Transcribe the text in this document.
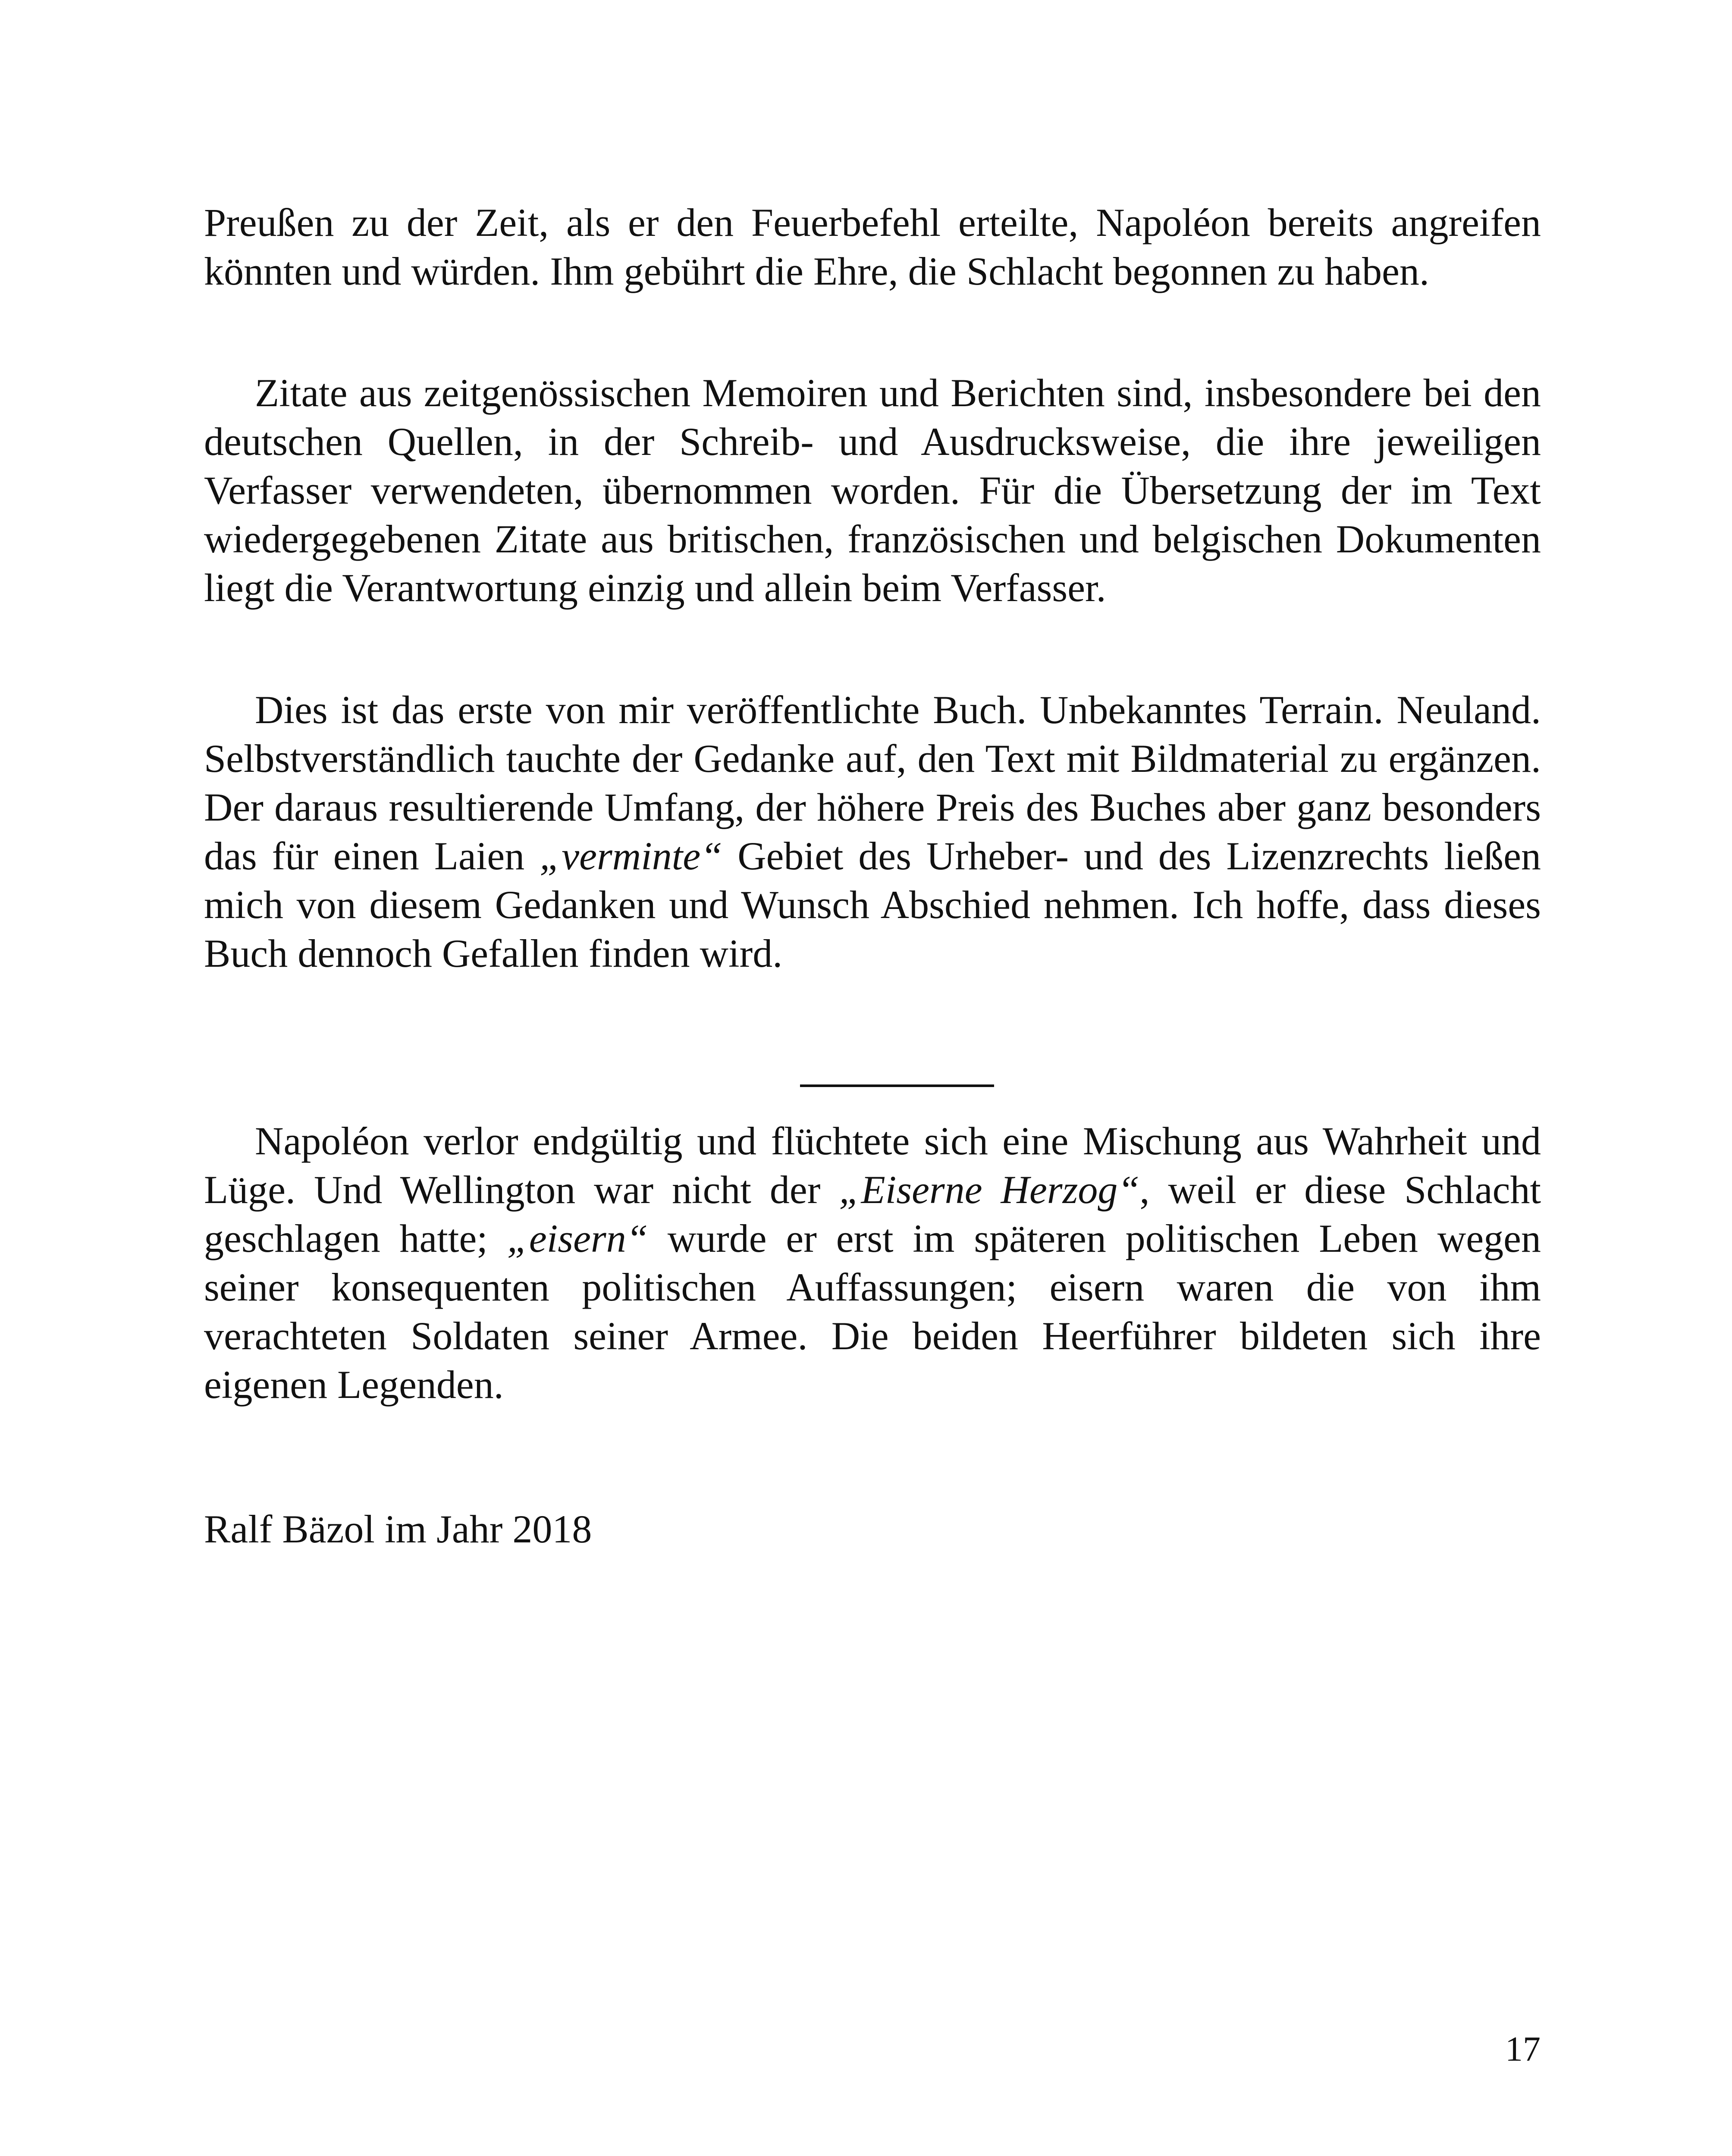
Preußen zu der Zeit, als er den Feuerbefehl erteilte, Napoléon bereits angreifen könnten und würden. Ihm gebührt die Ehre, die Schlacht begonnen zu haben.

Zitate aus zeitgenössischen Memoiren und Berichten sind, insbesondere bei den deutschen Quellen, in der Schreib- und Ausdrucksweise, die ihre jeweiligen Verfasser verwendeten, übernommen worden. Für die Übersetzung der im Text wiedergegebenen Zitate aus britischen, französischen und belgischen Dokumenten liegt die Verantwortung einzig und allein beim Verfasser.

Dies ist das erste von mir veröffentlichte Buch. Unbekanntes Terrain. Neuland. Selbstverständlich tauchte der Gedanke auf, den Text mit Bildmaterial zu ergänzen. Der daraus resultierende Umfang, der höhere Preis des Buches aber ganz besonders das für einen Laien „verminte“ Gebiet des Urheber- und des Lizenzrechts ließen mich von diesem Gedanken und Wunsch Abschied nehmen. Ich hoffe, dass dieses Buch dennoch Gefallen finden wird.

Napoléon verlor endgültig und flüchtete sich eine Mischung aus Wahrheit und Lüge. Und Wellington war nicht der „Eiserne Herzog“, weil er diese Schlacht geschlagen hatte; „eisern“ wurde er erst im späteren politischen Leben wegen seiner konsequenten politischen Auffassungen; eisern waren die von ihm verachteten Soldaten seiner Armee. Die beiden Heerführer bildeten sich ihre eigenen Legenden.

Ralf Bäzol im Jahr 2018
17
